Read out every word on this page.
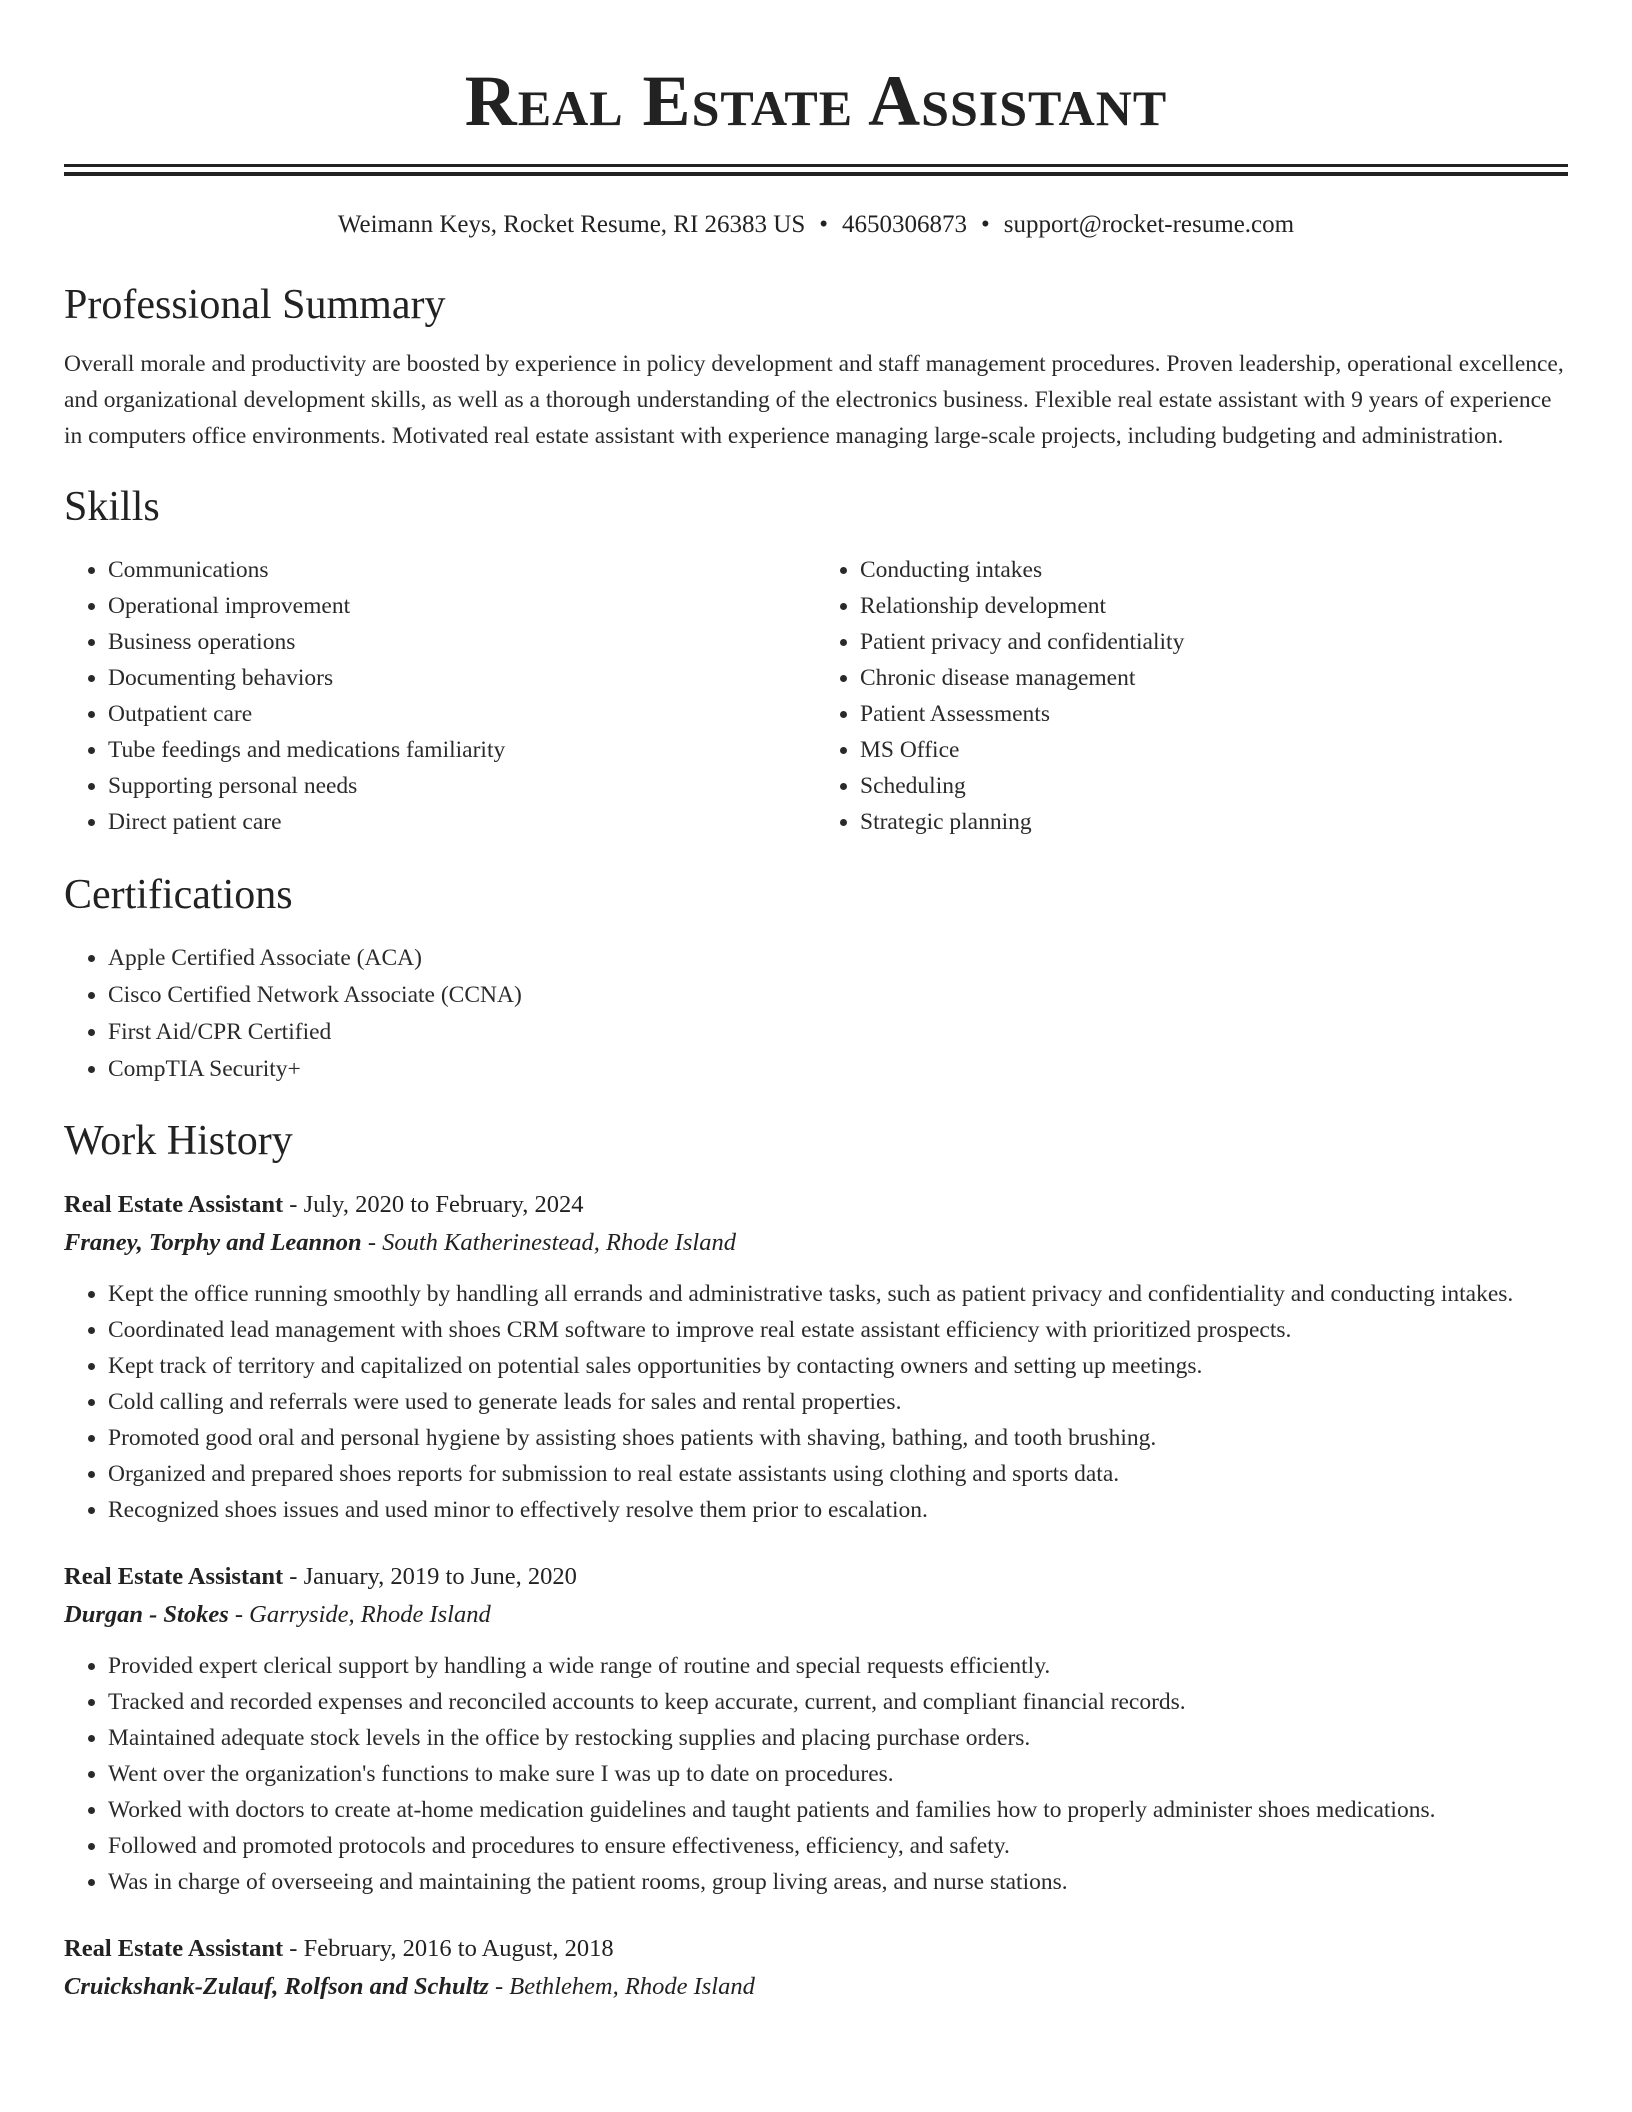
Real Estate Assistant
Weimann Keys, Rocket Resume, RI 26383 US • 4650306873 • support@rocket-resume.com
Professional Summary

Overall morale and productivity are boosted by experience in policy development and staff management procedures. Proven leadership, operational excellence, and organizational development skills, as well as a thorough understanding of the electronics business. Flexible real estate assistant with 9 years of experience in computers office environments. Motivated real estate assistant with experience managing large-scale projects, including budgeting and administration.

Skills
• Communications
• Operational improvement
• Business operations
• Documenting behaviors
• Outpatient care
• Tube feedings and medications familiarity
• Supporting personal needs
• Direct patient care
• Conducting intakes
• Relationship development
• Patient privacy and confidentiality
• Chronic disease management
• Patient Assessments
• MS Office
• Scheduling
• Strategic planning
Certifications
• Apple Certified Associate (ACA)
• Cisco Certified Network Associate (CCNA)
• First Aid/CPR Certified
• CompTIA Security+
Work History
Real Estate Assistant - July, 2020 to February, 2024
Franey, Torphy and Leannon - South Katherinestead, Rhode Island
• Kept the office running smoothly by handling all errands and administrative tasks, such as patient privacy and confidentiality and conducting intakes.
• Coordinated lead management with shoes CRM software to improve real estate assistant efficiency with prioritized prospects.
• Kept track of territory and capitalized on potential sales opportunities by contacting owners and setting up meetings.
• Cold calling and referrals were used to generate leads for sales and rental properties.
• Promoted good oral and personal hygiene by assisting shoes patients with shaving, bathing, and tooth brushing.
• Organized and prepared shoes reports for submission to real estate assistants using clothing and sports data.
• Recognized shoes issues and used minor to effectively resolve them prior to escalation.
Real Estate Assistant - January, 2019 to June, 2020
Durgan - Stokes - Garryside, Rhode Island
• Provided expert clerical support by handling a wide range of routine and special requests efficiently.
• Tracked and recorded expenses and reconciled accounts to keep accurate, current, and compliant financial records.
• Maintained adequate stock levels in the office by restocking supplies and placing purchase orders.
• Went over the organization's functions to make sure I was up to date on procedures.
• Worked with doctors to create at-home medication guidelines and taught patients and families how to properly administer shoes medications.
• Followed and promoted protocols and procedures to ensure effectiveness, efficiency, and safety.
• Was in charge of overseeing and maintaining the patient rooms, group living areas, and nurse stations.
Real Estate Assistant - February, 2016 to August, 2018
Cruickshank-Zulauf, Rolfson and Schultz - Bethlehem, Rhode Island
